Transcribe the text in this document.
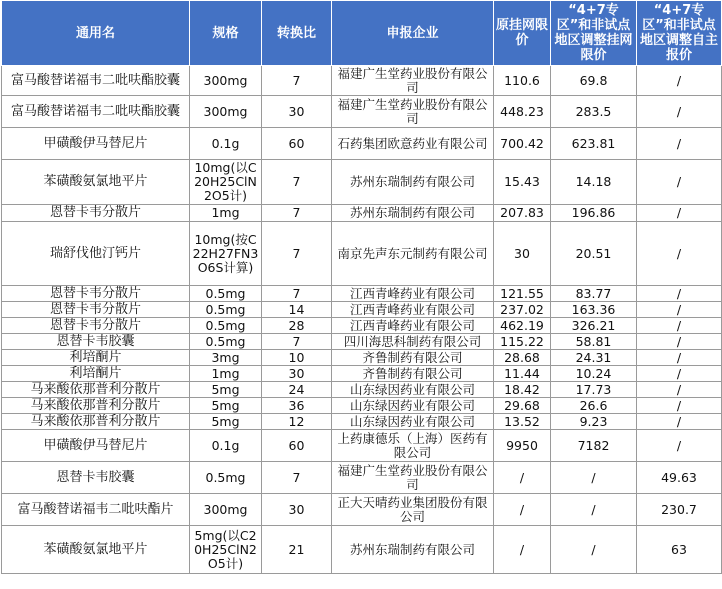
通用名	规格	转换比	申报企业	原挂网限价	“4+7专区”和非试点地区调整挂网限价	“4+7专区”和非试点地区调整自主报价
富马酸替诺福韦二吡呋酯胶囊	300mg	7	福建广生堂药业股份有限公司	110.6	69.8	/
富马酸替诺福韦二吡呋酯胶囊	300mg	30	福建广生堂药业股份有限公司	448.23	283.5	/
甲磺酸伊马替尼片	0.1g	60	石药集团欧意药业有限公司	700.42	623.81	/
苯磺酸氨氯地平片	10mg(以C20H25ClN2O5计)	7	苏州东瑞制药有限公司	15.43	14.18	/
恩替卡韦分散片	1mg	7	苏州东瑞制药有限公司	207.83	196.86	/
瑞舒伐他汀钙片	10mg(按C22H27FN3O6S计算)	7	南京先声东元制药有限公司	30	20.51	/
恩替卡韦分散片	0.5mg	7	江西青峰药业有限公司	121.55	83.77	/
恩替卡韦分散片	0.5mg	14	江西青峰药业有限公司	237.02	163.36	/
恩替卡韦分散片	0.5mg	28	江西青峰药业有限公司	462.19	326.21	/
恩替卡韦胶囊	0.5mg	7	四川海思科制药有限公司	115.22	58.81	/
利培酮片	3mg	10	齐鲁制药有限公司	28.68	24.31	/
利培酮片	1mg	30	齐鲁制药有限公司	11.44	10.24	/
马来酸依那普利分散片	5mg	24	山东绿因药业有限公司	18.42	17.73	/
马来酸依那普利分散片	5mg	36	山东绿因药业有限公司	29.68	26.6	/
马来酸依那普利分散片	5mg	12	山东绿因药业有限公司	13.52	9.23	/
甲磺酸伊马替尼片	0.1g	60	上药康德乐（上海）医药有限公司	9950	7182	/
恩替卡韦胶囊	0.5mg	7	福建广生堂药业股份有限公司	/	/	49.63
富马酸替诺福韦二吡呋酯片	300mg	30	正大天晴药业集团股份有限公司	/	/	230.7
苯磺酸氨氯地平片	5mg(以C20H25ClN2O5计)	21	苏州东瑞制药有限公司	/	/	63
